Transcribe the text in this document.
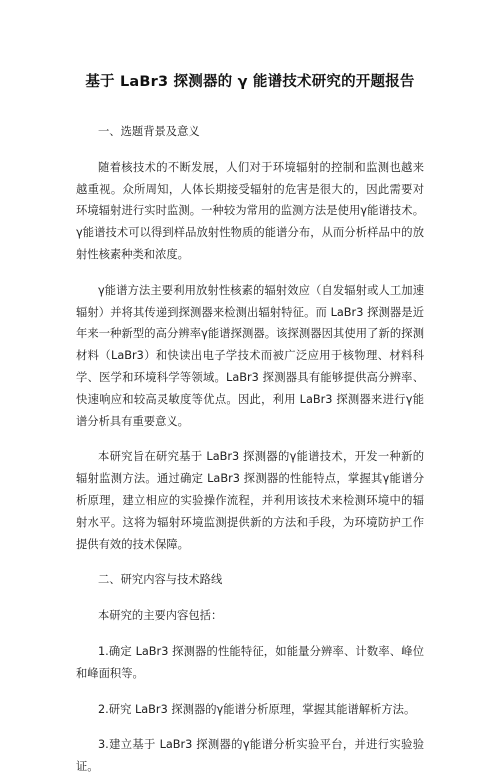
基于 LaBr3 探测器的 γ 能谱技术研究的开题报告

一、选题背景及意义

随着核技术的不断发展，人们对于环境辐射的控制和监测也越来越重视。众所周知，人体长期接受辐射的危害是很大的，因此需要对环境辐射进行实时监测。一种较为常用的监测方法是使用γ能谱技术。γ能谱技术可以得到样品放射性物质的能谱分布，从而分析样品中的放射性核素种类和浓度。

γ能谱方法主要利用放射性核素的辐射效应（自发辐射或人工加速辐射）并将其传递到探测器来检测出辐射特征。而 LaBr3 探测器是近年来一种新型的高分辨率γ能谱探测器。该探测器因其使用了新的探测材料（LaBr3）和快读出电子学技术而被广泛应用于核物理、材料科学、医学和环境科学等领域。LaBr3 探测器具有能够提供高分辨率、快速响应和较高灵敏度等优点。因此，利用 LaBr3 探测器来进行γ能谱分析具有重要意义。

本研究旨在研究基于 LaBr3 探测器的γ能谱技术，开发一种新的辐射监测方法。通过确定 LaBr3 探测器的性能特点，掌握其γ能谱分析原理，建立相应的实验操作流程，并利用该技术来检测环境中的辐射水平。这将为辐射环境监测提供新的方法和手段，为环境防护工作提供有效的技术保障。

二、研究内容与技术路线

本研究的主要内容包括：

1.确定 LaBr3 探测器的性能特征，如能量分辨率、计数率、峰位和峰面积等。

2.研究 LaBr3 探测器的γ能谱分析原理，掌握其能谱解析方法。

3.建立基于 LaBr3 探测器的γ能谱分析实验平台，并进行实验验证。
